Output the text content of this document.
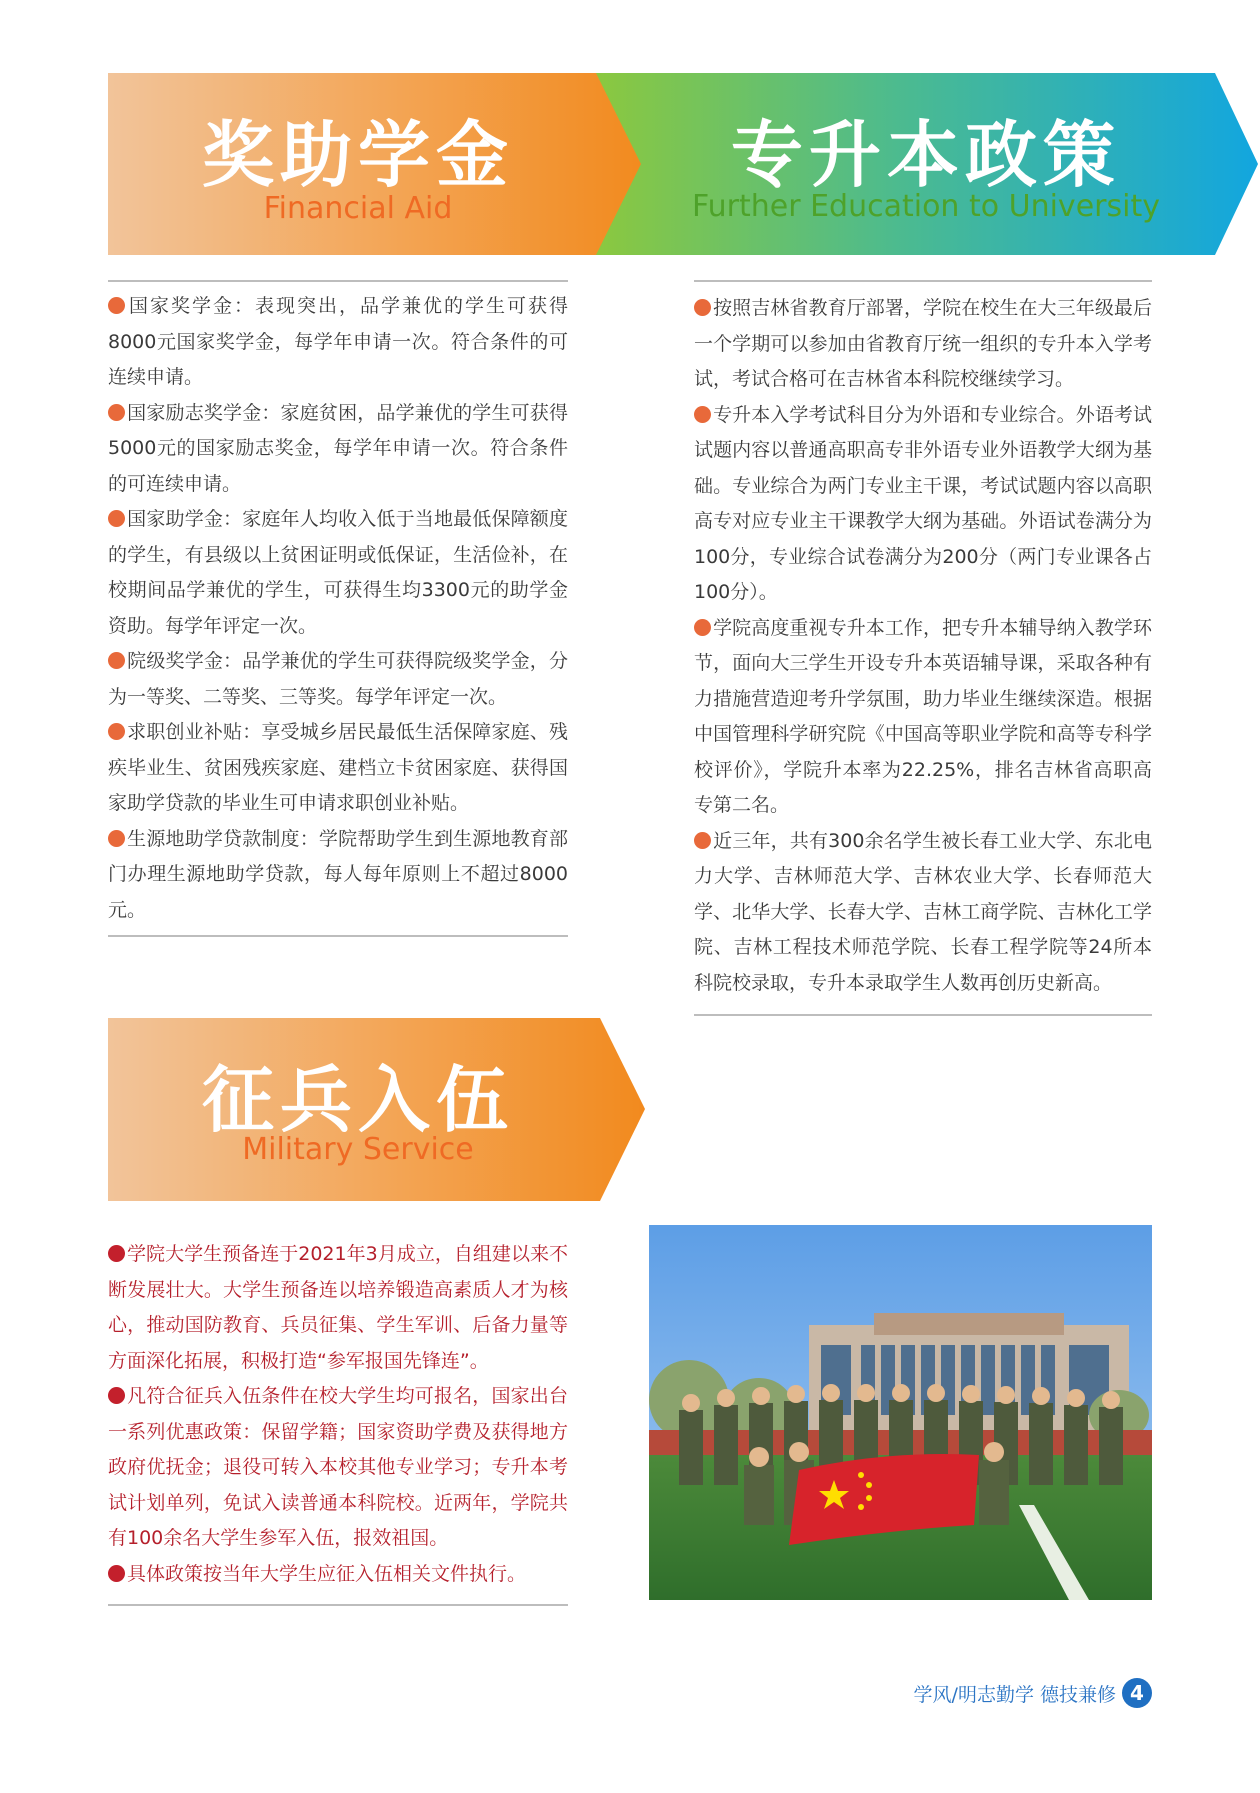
奖助学金
Financial Aid
专升本政策
Further Education to University

国家奖学金：表现突出，品学兼优的学生可获得8000元国家奖学金，每学年申请一次。符合条件的可连续申请。

国家励志奖学金：家庭贫困，品学兼优的学生可获得5000元的国家励志奖金，每学年申请一次。符合条件的可连续申请。

国家助学金：家庭年人均收入低于当地最低保障额度的学生，有县级以上贫困证明或低保证，生活俭补，在校期间品学兼优的学生，可获得生均3300元的助学金资助。每学年评定一次。

院级奖学金：品学兼优的学生可获得院级奖学金，分为一等奖、二等奖、三等奖。每学年评定一次。

求职创业补贴：享受城乡居民最低生活保障家庭、残疾毕业生、贫困残疾家庭、建档立卡贫困家庭、获得国家助学贷款的毕业生可申请求职创业补贴。

生源地助学贷款制度：学院帮助学生到生源地教育部门办理生源地助学贷款，每人每年原则上不超过8000元。

按照吉林省教育厅部署，学院在校生在大三年级最后一个学期可以参加由省教育厅统一组织的专升本入学考试，考试合格可在吉林省本科院校继续学习。

专升本入学考试科目分为外语和专业综合。外语考试试题内容以普通高职高专非外语专业外语教学大纲为基础。专业综合为两门专业主干课，考试试题内容以高职高专对应专业主干课教学大纲为基础。外语试卷满分为100分，专业综合试卷满分为200分（两门专业课各占100分）。

学院高度重视专升本工作，把专升本辅导纳入教学环节，面向大三学生开设专升本英语辅导课，采取各种有力措施营造迎考升学氛围，助力毕业生继续深造。根据中国管理科学研究院《中国高等职业学院和高等专科学校评价》，学院升本率为22.25%，排名吉林省高职高专第二名。

近三年，共有300余名学生被长春工业大学、东北电力大学、吉林师范大学、吉林农业大学、长春师范大学、北华大学、长春大学、吉林工商学院、吉林化工学院、吉林工程技术师范学院、长春工程学院等24所本科院校录取，专升本录取学生人数再创历史新高。

征兵入伍
Military Service

学院大学生预备连于2021年3月成立，自组建以来不断发展壮大。大学生预备连以培养锻造高素质人才为核心，推动国防教育、兵员征集、学生军训、后备力量等方面深化拓展，积极打造“参军报国先锋连”。

凡符合征兵入伍条件在校大学生均可报名，国家出台一系列优惠政策：保留学籍；国家资助学费及获得地方政府优抚金；退役可转入本校其他专业学习；专升本考试计划单列，免试入读普通本科院校。近两年，学院共有100余名大学生参军入伍，报效祖国。

具体政策按当年大学生应征入伍相关文件执行。

学风/明志勤学 德技兼修 4
